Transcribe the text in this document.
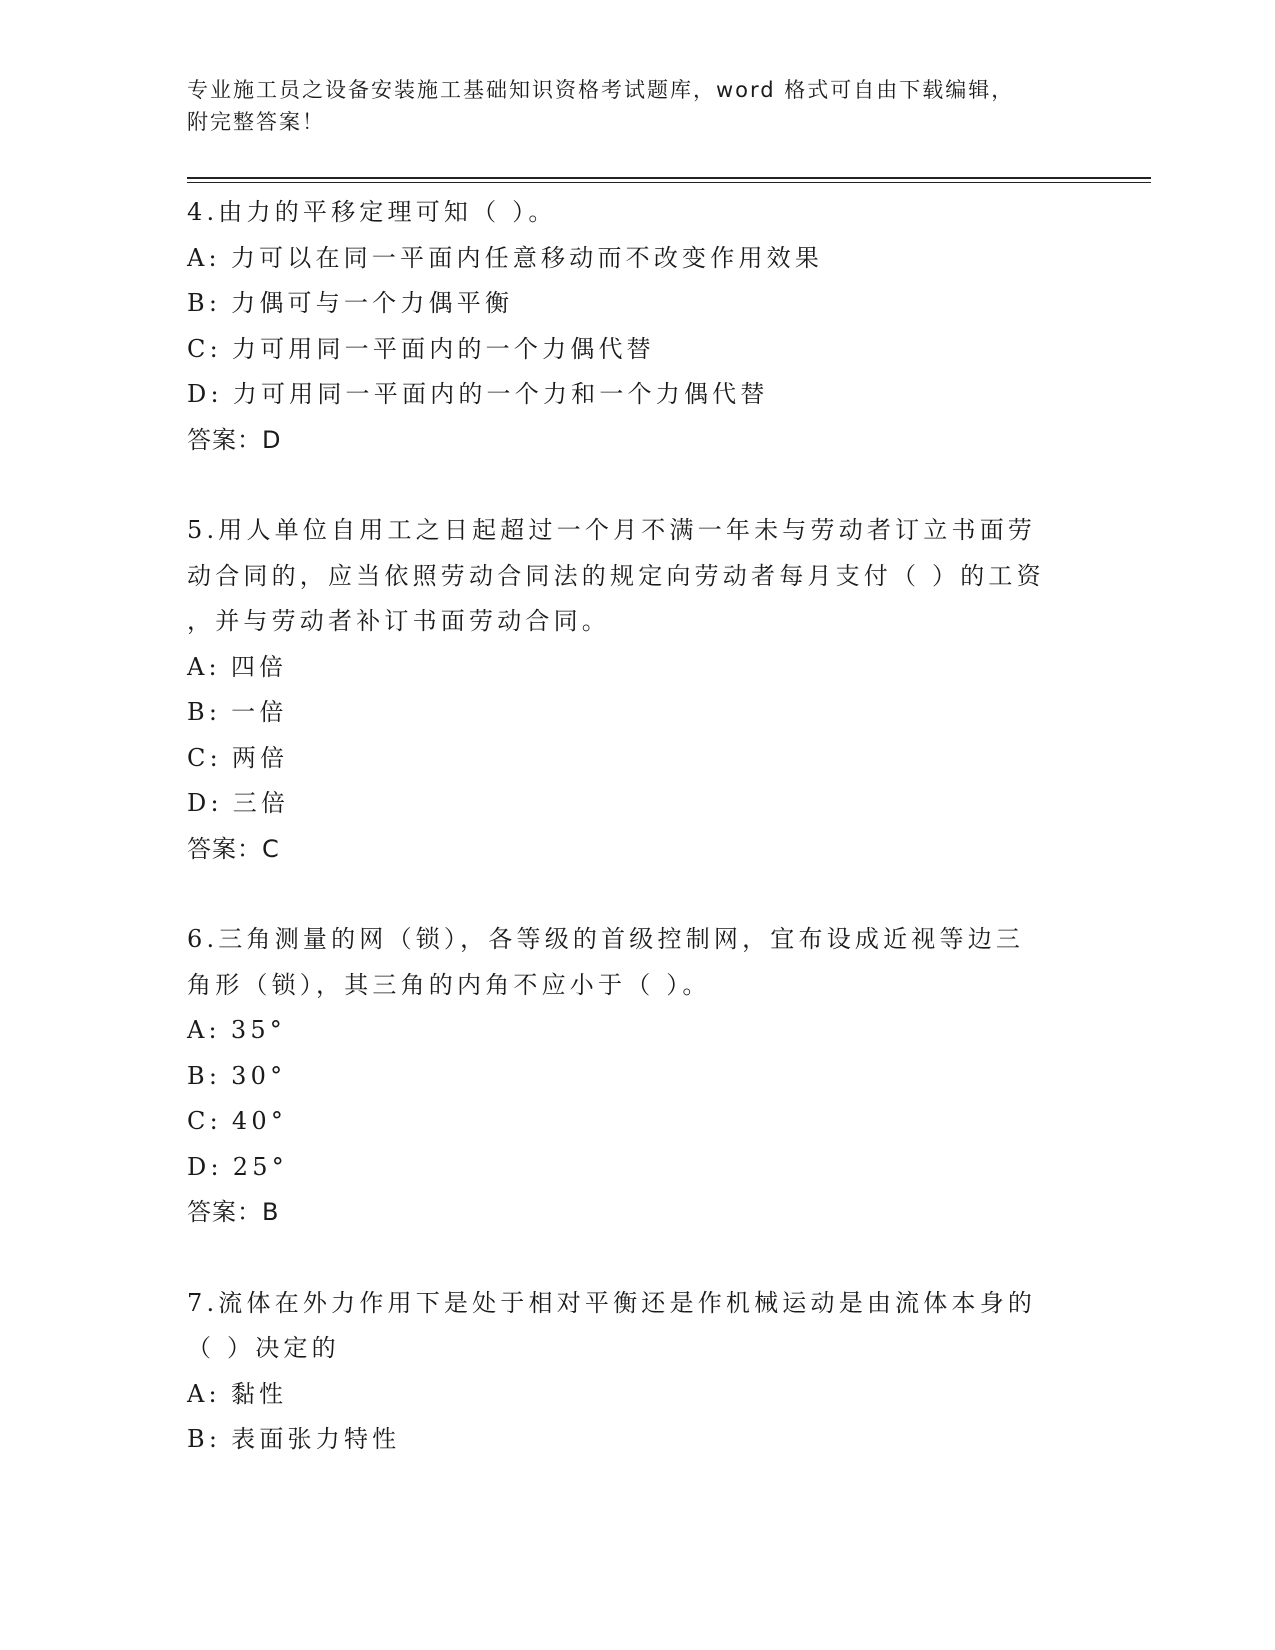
专业施工员之设备安装施工基础知识资格考试题库，word 格式可自由下载编辑，
附完整答案！
4.由力的平移定理可知（ ）。
A: 力可以在同一平面内任意移动而不改变作用效果
B: 力偶可与一个力偶平衡
C: 力可用同一平面内的一个力偶代替
D: 力可用同一平面内的一个力和一个力偶代替
答案：D
5.用人单位自用工之日起超过一个月不满一年未与劳动者订立书面劳
动合同的，应当依照劳动合同法的规定向劳动者每月支付（ ）的工资
，并与劳动者补订书面劳动合同。
A: 四倍
B: 一倍
C: 两倍
D: 三倍
答案：C
6.三角测量的网（锁），各等级的首级控制网，宜布设成近视等边三
角形（锁），其三角的内角不应小于（ ）。
A: 35°
B: 30°
C: 40°
D: 25°
答案：B
7.流体在外力作用下是处于相对平衡还是作机械运动是由流体本身的
（ ）决定的
A: 黏性
B: 表面张力特性
